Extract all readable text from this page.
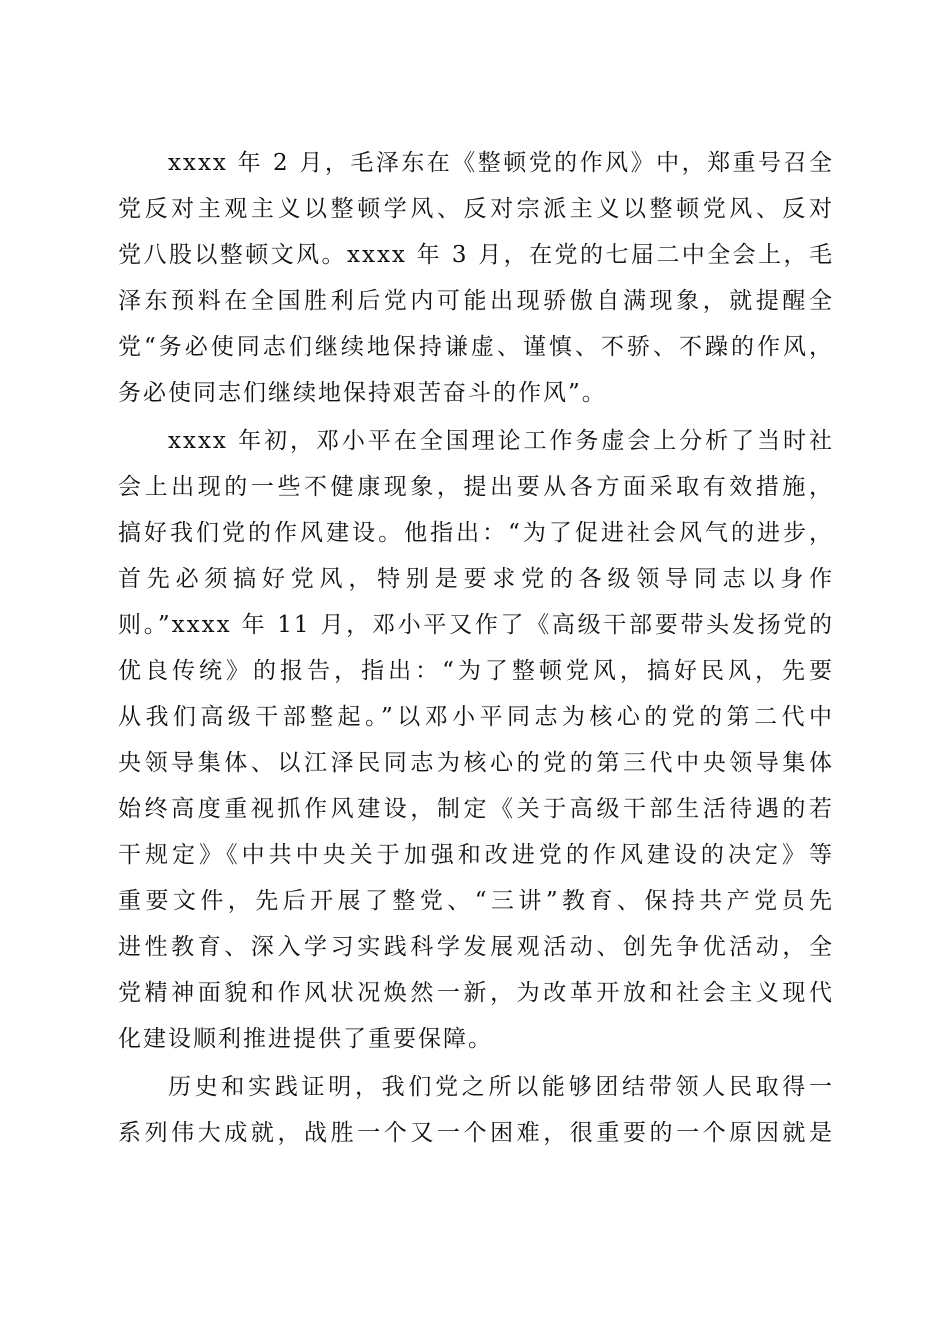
xxxx 年 2 月，毛泽东在《整顿党的作风》中，郑重号召全
党反对主观主义以整顿学风、反对宗派主义以整顿党风、反对
党八股以整顿文风。xxxx 年 3 月，在党的七届二中全会上，毛
泽东预料在全国胜利后党内可能出现骄傲自满现象，就提醒全
党“务必使同志们继续地保持谦虚、谨慎、不骄、不躁的作风，
务必使同志们继续地保持艰苦奋斗的作风”。
xxxx 年初，邓小平在全国理论工作务虚会上分析了当时社
会上出现的一些不健康现象，提出要从各方面采取有效措施，
搞好我们党的作风建设。他指出：“为了促进社会风气的进步，
首先必须搞好党风，特别是要求党的各级领导同志以身作
则。”xxxx 年 11 月，邓小平又作了《高级干部要带头发扬党的
优良传统》的报告，指出：“为了整顿党风，搞好民风，先要
从我们高级干部整起。”以邓小平同志为核心的党的第二代中
央领导集体、以江泽民同志为核心的党的第三代中央领导集体
始终高度重视抓作风建设，制定《关于高级干部生活待遇的若
干规定》《中共中央关于加强和改进党的作风建设的决定》等
重要文件，先后开展了整党、“三讲”教育、保持共产党员先
进性教育、深入学习实践科学发展观活动、创先争优活动，全
党精神面貌和作风状况焕然一新，为改革开放和社会主义现代
化建设顺利推进提供了重要保障。
历史和实践证明，我们党之所以能够团结带领人民取得一
系列伟大成就，战胜一个又一个困难，很重要的一个原因就是
